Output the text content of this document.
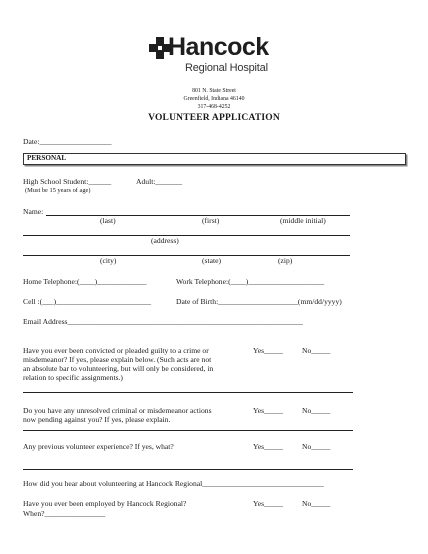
Hancock
Regional Hospital
801 N. State Street
Greenfield, Indiana 46140
317-468-4252
VOLUNTEER APPLICATION
Date:___________________
PERSONAL
High School Student:______	Adult:_______
(Must be 15 years of age)
Name:
(last)	(first)	(middle initial)
(address)
(city)	(state)	(zip)
Home Telephone:(____)_____________	Work Telephone:(____)____________________
Cell :(___)_________________________	Date of Birth:_____________________(mm/dd/yyyy)
Email Address______________________________________________________________
Have you ever been convicted or pleaded guilty to a crime or
misdemeanor? If yes, please explain below. (Such acts are not
an absolute bar to volunteering, but will only be considered, in
relation to specific assignments.)
Yes_____ No_____
Do you have any unresolved criminal or misdemeanor actions
now pending against you? If yes, please explain.
Yes_____ No_____
Any previous volunteer experience? If yes, what?	Yes_____ No_____
How did you hear about volunteering at Hancock Regional________________________________
Have you ever been employed by Hancock Regional?	Yes_____ No_____
When?________________
